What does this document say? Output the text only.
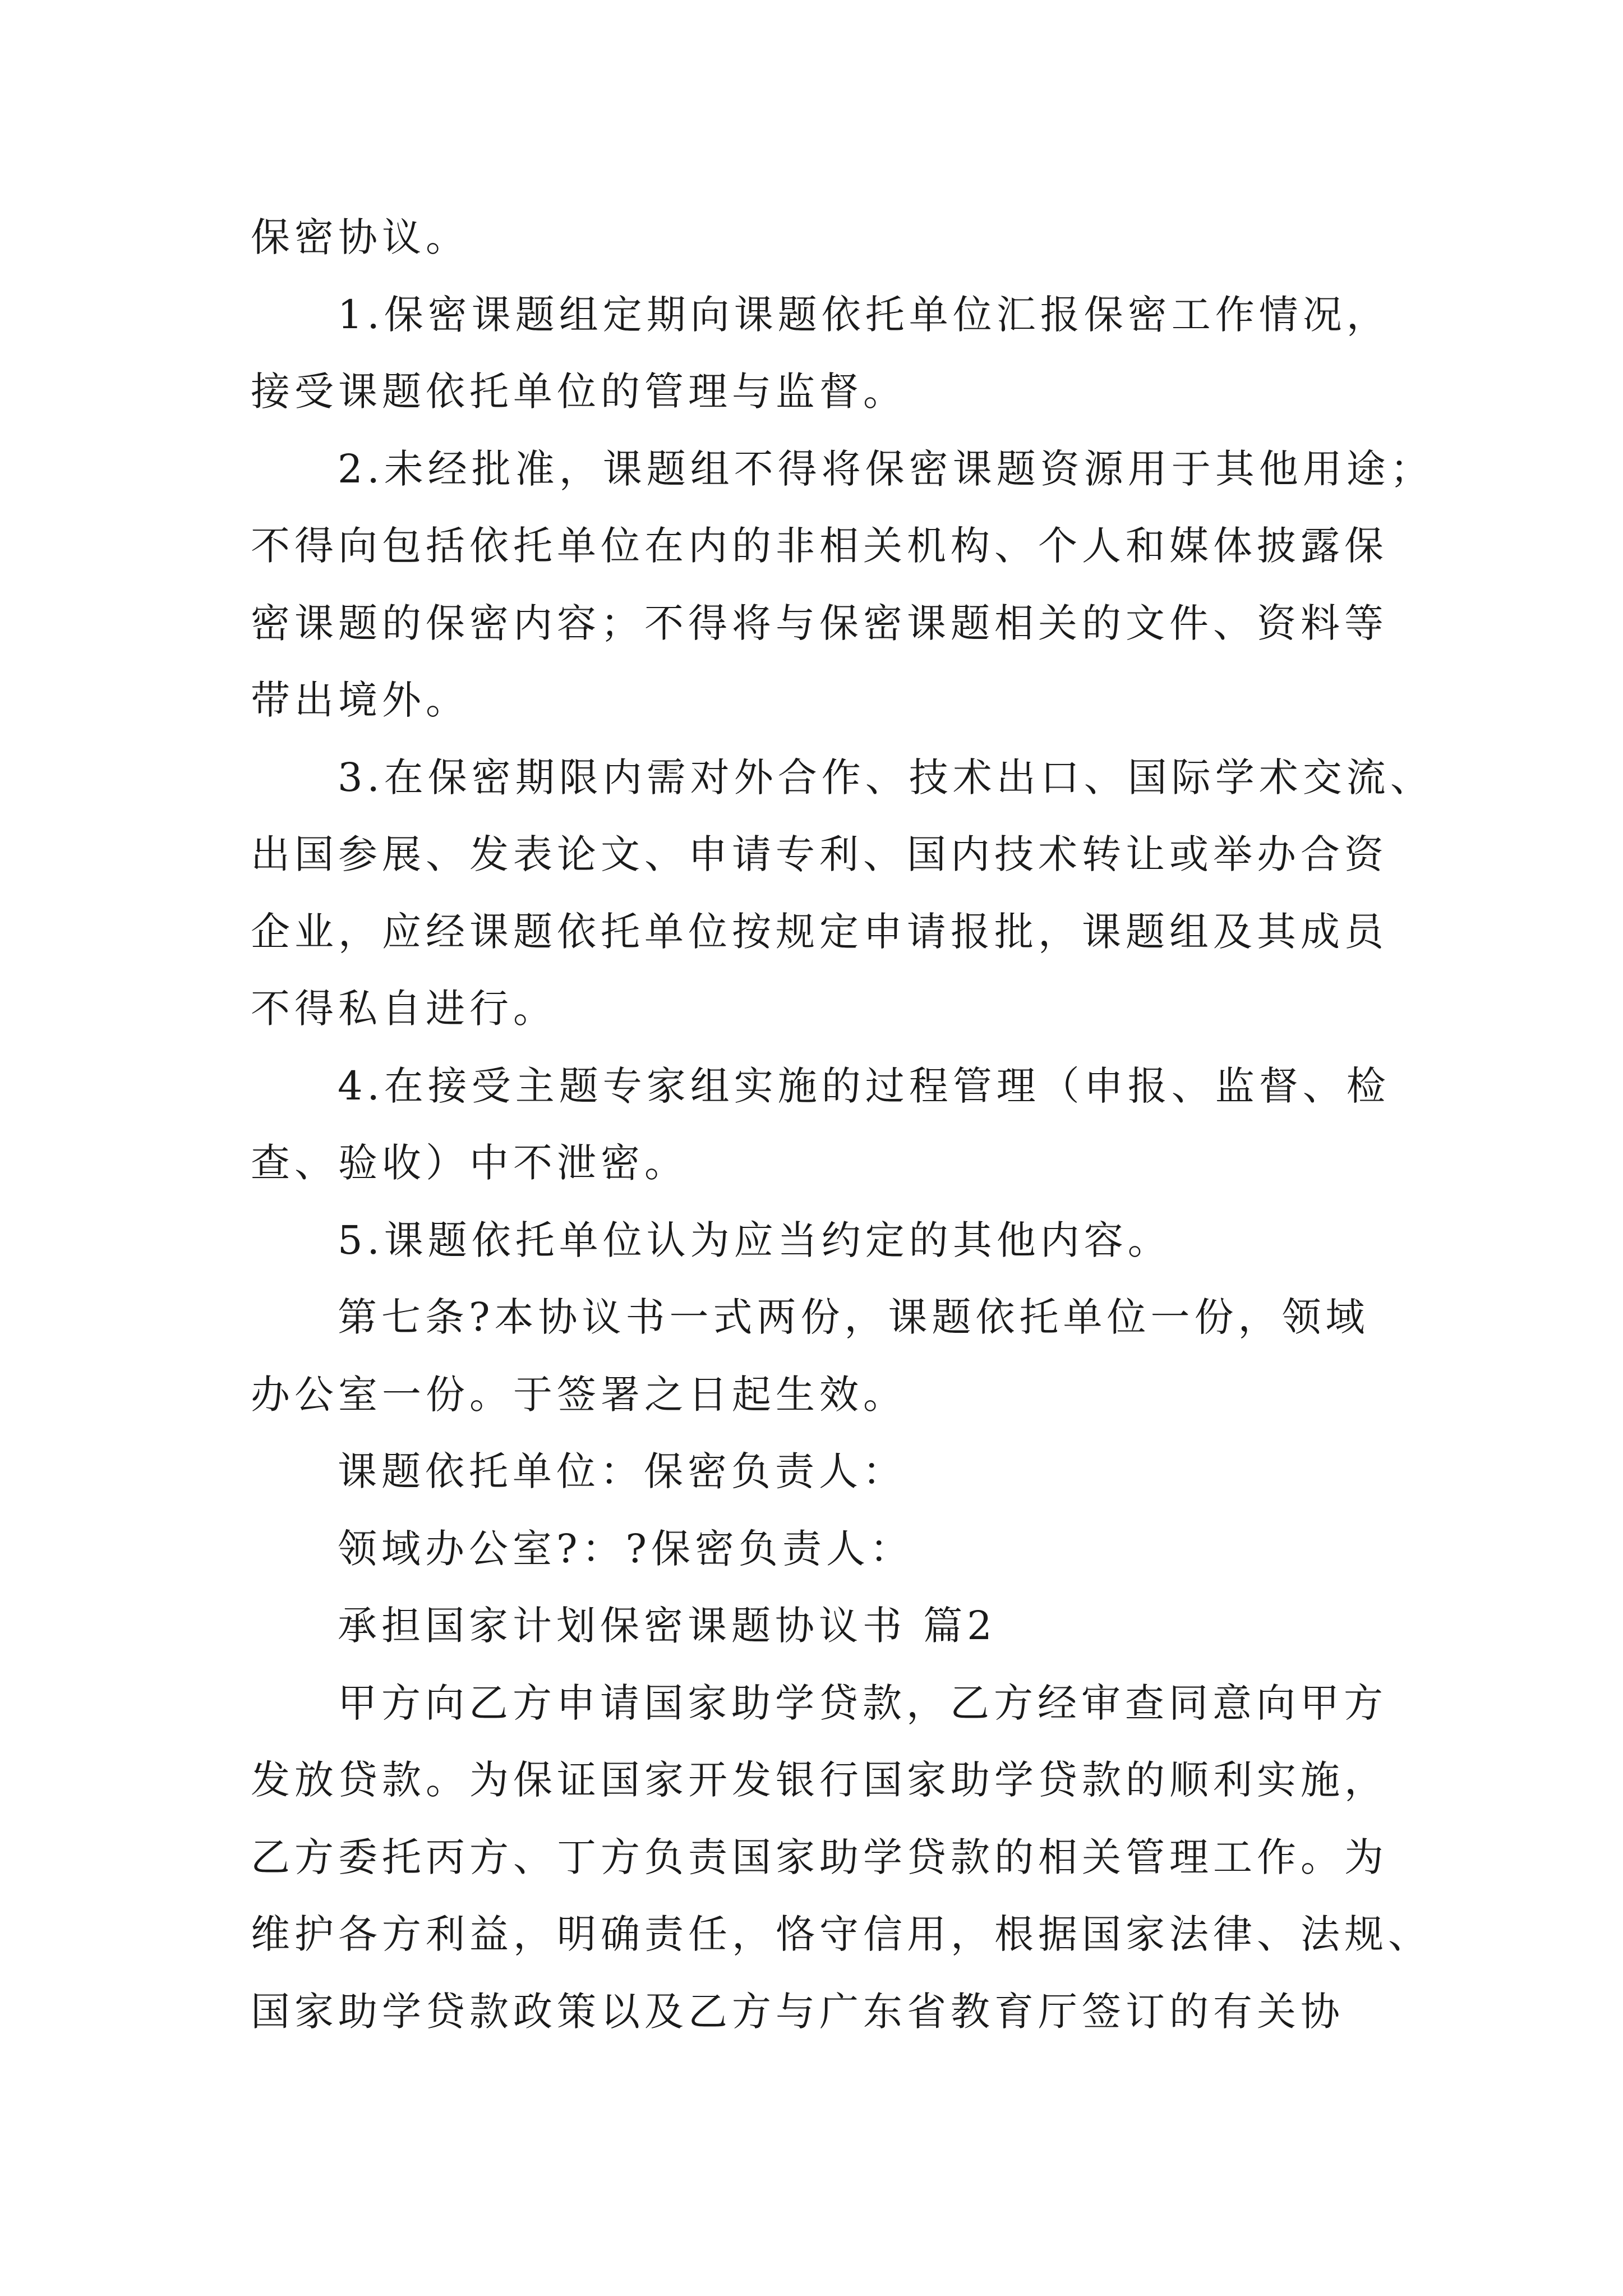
保密协议。
1.保密课题组定期向课题依托单位汇报保密工作情况，
接受课题依托单位的管理与监督。
2.未经批准，课题组不得将保密课题资源用于其他用途；
不得向包括依托单位在内的非相关机构、个人和媒体披露保
密课题的保密内容；不得将与保密课题相关的文件、资料等
带出境外。
3.在保密期限内需对外合作、技术出口、国际学术交流、
出国参展、发表论文、申请专利、国内技术转让或举办合资
企业，应经课题依托单位按规定申请报批，课题组及其成员
不得私自进行。
4.在接受主题专家组实施的过程管理（申报、监督、检
查、验收）中不泄密。
5.课题依托单位认为应当约定的其他内容。
第七条?本协议书一式两份，课题依托单位一份，领域
办公室一份。于签署之日起生效。
课题依托单位：保密负责人：
领域办公室?：?保密负责人：
承担国家计划保密课题协议书 篇2
甲方向乙方申请国家助学贷款，乙方经审查同意向甲方
发放贷款。为保证国家开发银行国家助学贷款的顺利实施，
乙方委托丙方、丁方负责国家助学贷款的相关管理工作。为
维护各方利益，明确责任，恪守信用，根据国家法律、法规、
国家助学贷款政策以及乙方与广东省教育厅签订的有关协
